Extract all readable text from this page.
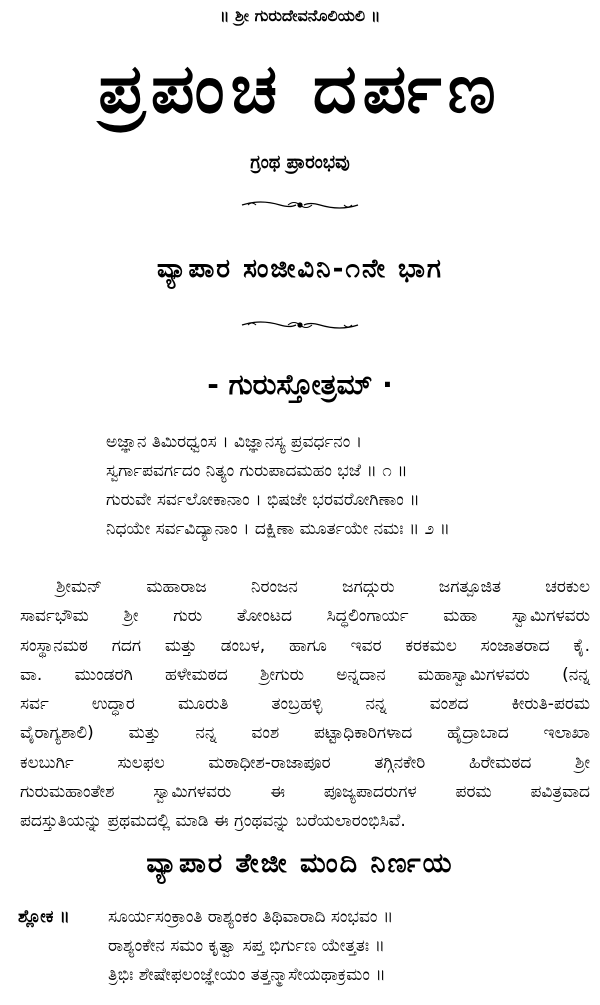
॥ ಶ್ರೀ ಗುರುದೇವನೊಲಿಯಲಿ ॥
ಪ್ರಪಂಚ ದರ್ಪಣ
ಗ್ರಂಥ ಪ್ರಾರಂಭವು
ವ್ಯಾಪಾರ ಸಂಜೀವಿನಿ-೧ನೇ ಭಾಗ
- ಗುರುಸ್ತೋತ್ರಮ್ ·
ಅಜ್ಞಾನ ತಿಮಿರಧ್ವಂಸ । ವಿಜ್ಞಾನಸ್ಯ ಪ್ರವರ್ಧನಂ ।
ಸ್ವರ್ಗಾಪವರ್ಗದಂ ನಿತ್ಯಂ ಗುರುಪಾದಮಹಂ ಭಜೆ ॥ ೧ ॥
ಗುರುವೇ ಸರ್ವಲೋಕಾನಾಂ । ಭಿಷಜೇ ಭರವರೋಗಿಣಾಂ ॥
ನಿಧಯೇ ಸರ್ವವಿದ್ಯಾನಾಂ । ದಕ್ಷಿಣಾ ಮೂರ್ತಯೇ ನಮಃ ॥ ೨ ॥
ಶ್ರೀಮನ್ ಮಹಾರಾಜ ನಿರಂಜನ ಜಗದ್ಗುರು ಜಗತ್ಪೂಜಿತ ಚರಕುಲ
ಸಾರ್ವಭೌಮ ಶ್ರೀ ಗುರು ತೋಂಟದ ಸಿದ್ಧಲಿಂಗಾರ್ಯ ಮಹಾ ಸ್ವಾಮಿಗಳವರು
ಸಂಸ್ಥಾನಮಠ ಗದಗ ಮತ್ತು ಡಂಬಳ, ಹಾಗೂ ಇವರ ಕರಕಮಲ ಸಂಜಾತರಾದ ಕೈ.
ವಾ. ಮುಂಡರಗಿ ಹಳೇಮಠದ ಶ್ರೀಗುರು ಅನ್ನದಾನ ಮಹಾಸ್ವಾಮಿಗಳವರು (ನನ್ನ
ಸರ್ವ ಉದ್ಧಾರ ಮೂರುತಿ ತಂಬ್ರಹಳ್ಳಿ ನನ್ನ ವಂಶದ ಕೀರುತಿ-ಪರಮ
ವೈರಾಗ್ಯಶಾಲಿ) ಮತ್ತು ನನ್ನ ವಂಶ ಪಟ್ಟಾಧಿಕಾರಿಗಳಾದ ಹೈದ್ರಾಬಾದ ಇಲಾಖಾ
ಕಲಬುರ್ಗಿ ಸುಲಫಲ ಮಠಾಧೀಶ-ರಾಜಾಪೂರ ತಗ್ಗಿನಕೇರಿ ಹಿರೇಮಠದ ಶ್ರೀ
ಗುರುಮಹಾಂತೇಶ ಸ್ವಾಮಿಗಳವರು ಈ ಪೂಜ್ಯಪಾದರುಗಳ ಪರಮ ಪವಿತ್ರವಾದ
ಪದಸ್ತುತಿಯನ್ನು ಪ್ರಥಮದಲ್ಲಿ ಮಾಡಿ ಈ ಗ್ರಂಥವನ್ನು ಬರೆಯಲಾರಂಭಿಸಿವೆ.
ವ್ಯಾಪಾರ ತೇಜೀ ಮಂದಿ ನಿರ್ಣಯ
ಶ್ಲೋಕ ॥ ಸೂರ್ಯಸಂಕ್ರಾಂತಿ ರಾಶ್ಯಂಕಂ ತಿಥಿವಾರಾದಿ ಸಂಭವಂ ॥
ರಾಶ್ಯಂಕೇನ ಸಮಂ ಕೃತ್ವಾ ಸಪ್ತ ಭಿರ್ಗುಣ ಯೇತ್ತತಃ ॥
ತ್ರಿಭಿಃ ಶೇಷೇಫಲಂಜ್ಞೇಯಂ ತತ್ತನ್ಮಾಸೇಯಥಾಕ್ರಮಂ ॥
